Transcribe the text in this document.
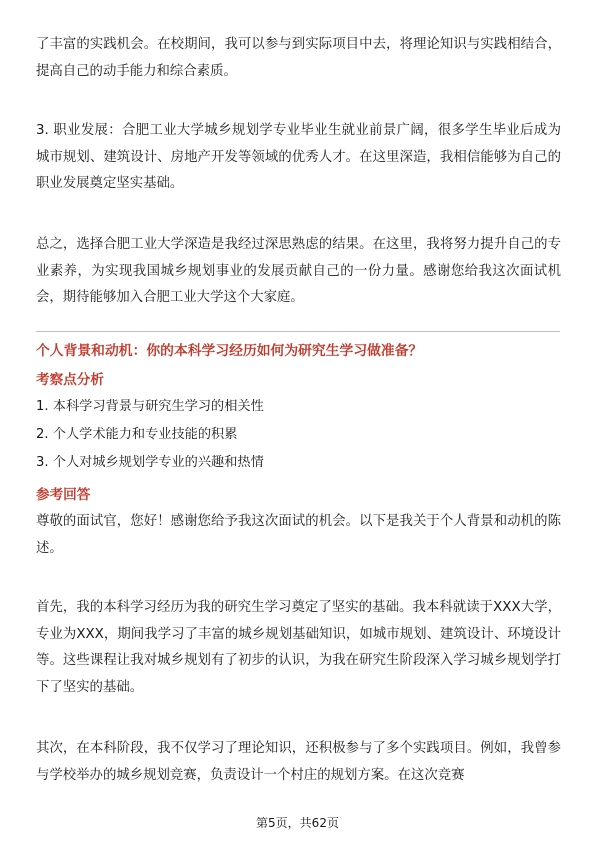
了丰富的实践机会。在校期间，我可以参与到实际项目中去，将理论知识与实践相结合，提高自己的动手能力和综合素质。

3. 职业发展：合肥工业大学城乡规划学专业毕业生就业前景广阔，很多学生毕业后成为城市规划、建筑设计、房地产开发等领域的优秀人才。在这里深造，我相信能够为自己的职业发展奠定坚实基础。

总之，选择合肥工业大学深造是我经过深思熟虑的结果。在这里，我将努力提升自己的专业素养，为实现我国城乡规划事业的发展贡献自己的一份力量。感谢您给我这次面试机会，期待能够加入合肥工业大学这个大家庭。

个人背景和动机：你的本科学习经历如何为研究生学习做准备？

考察点分析

1. 本科学习背景与研究生学习的相关性

2. 个人学术能力和专业技能的积累

3. 个人对城乡规划学专业的兴趣和热情

参考回答

尊敬的面试官，您好！感谢您给予我这次面试的机会。以下是我关于个人背景和动机的陈述。

首先，我的本科学习经历为我的研究生学习奠定了坚实的基础。我本科就读于XXX大学，专业为XXX，期间我学习了丰富的城乡规划基础知识，如城市规划、建筑设计、环境设计等。这些课程让我对城乡规划有了初步的认识，为我在研究生阶段深入学习城乡规划学打下了坚实的基础。

其次，在本科阶段，我不仅学习了理论知识，还积极参与了多个实践项目。例如，我曾参与学校举办的城乡规划竞赛，负责设计一个村庄的规划方案。在这次竞赛

第5页，共62页
